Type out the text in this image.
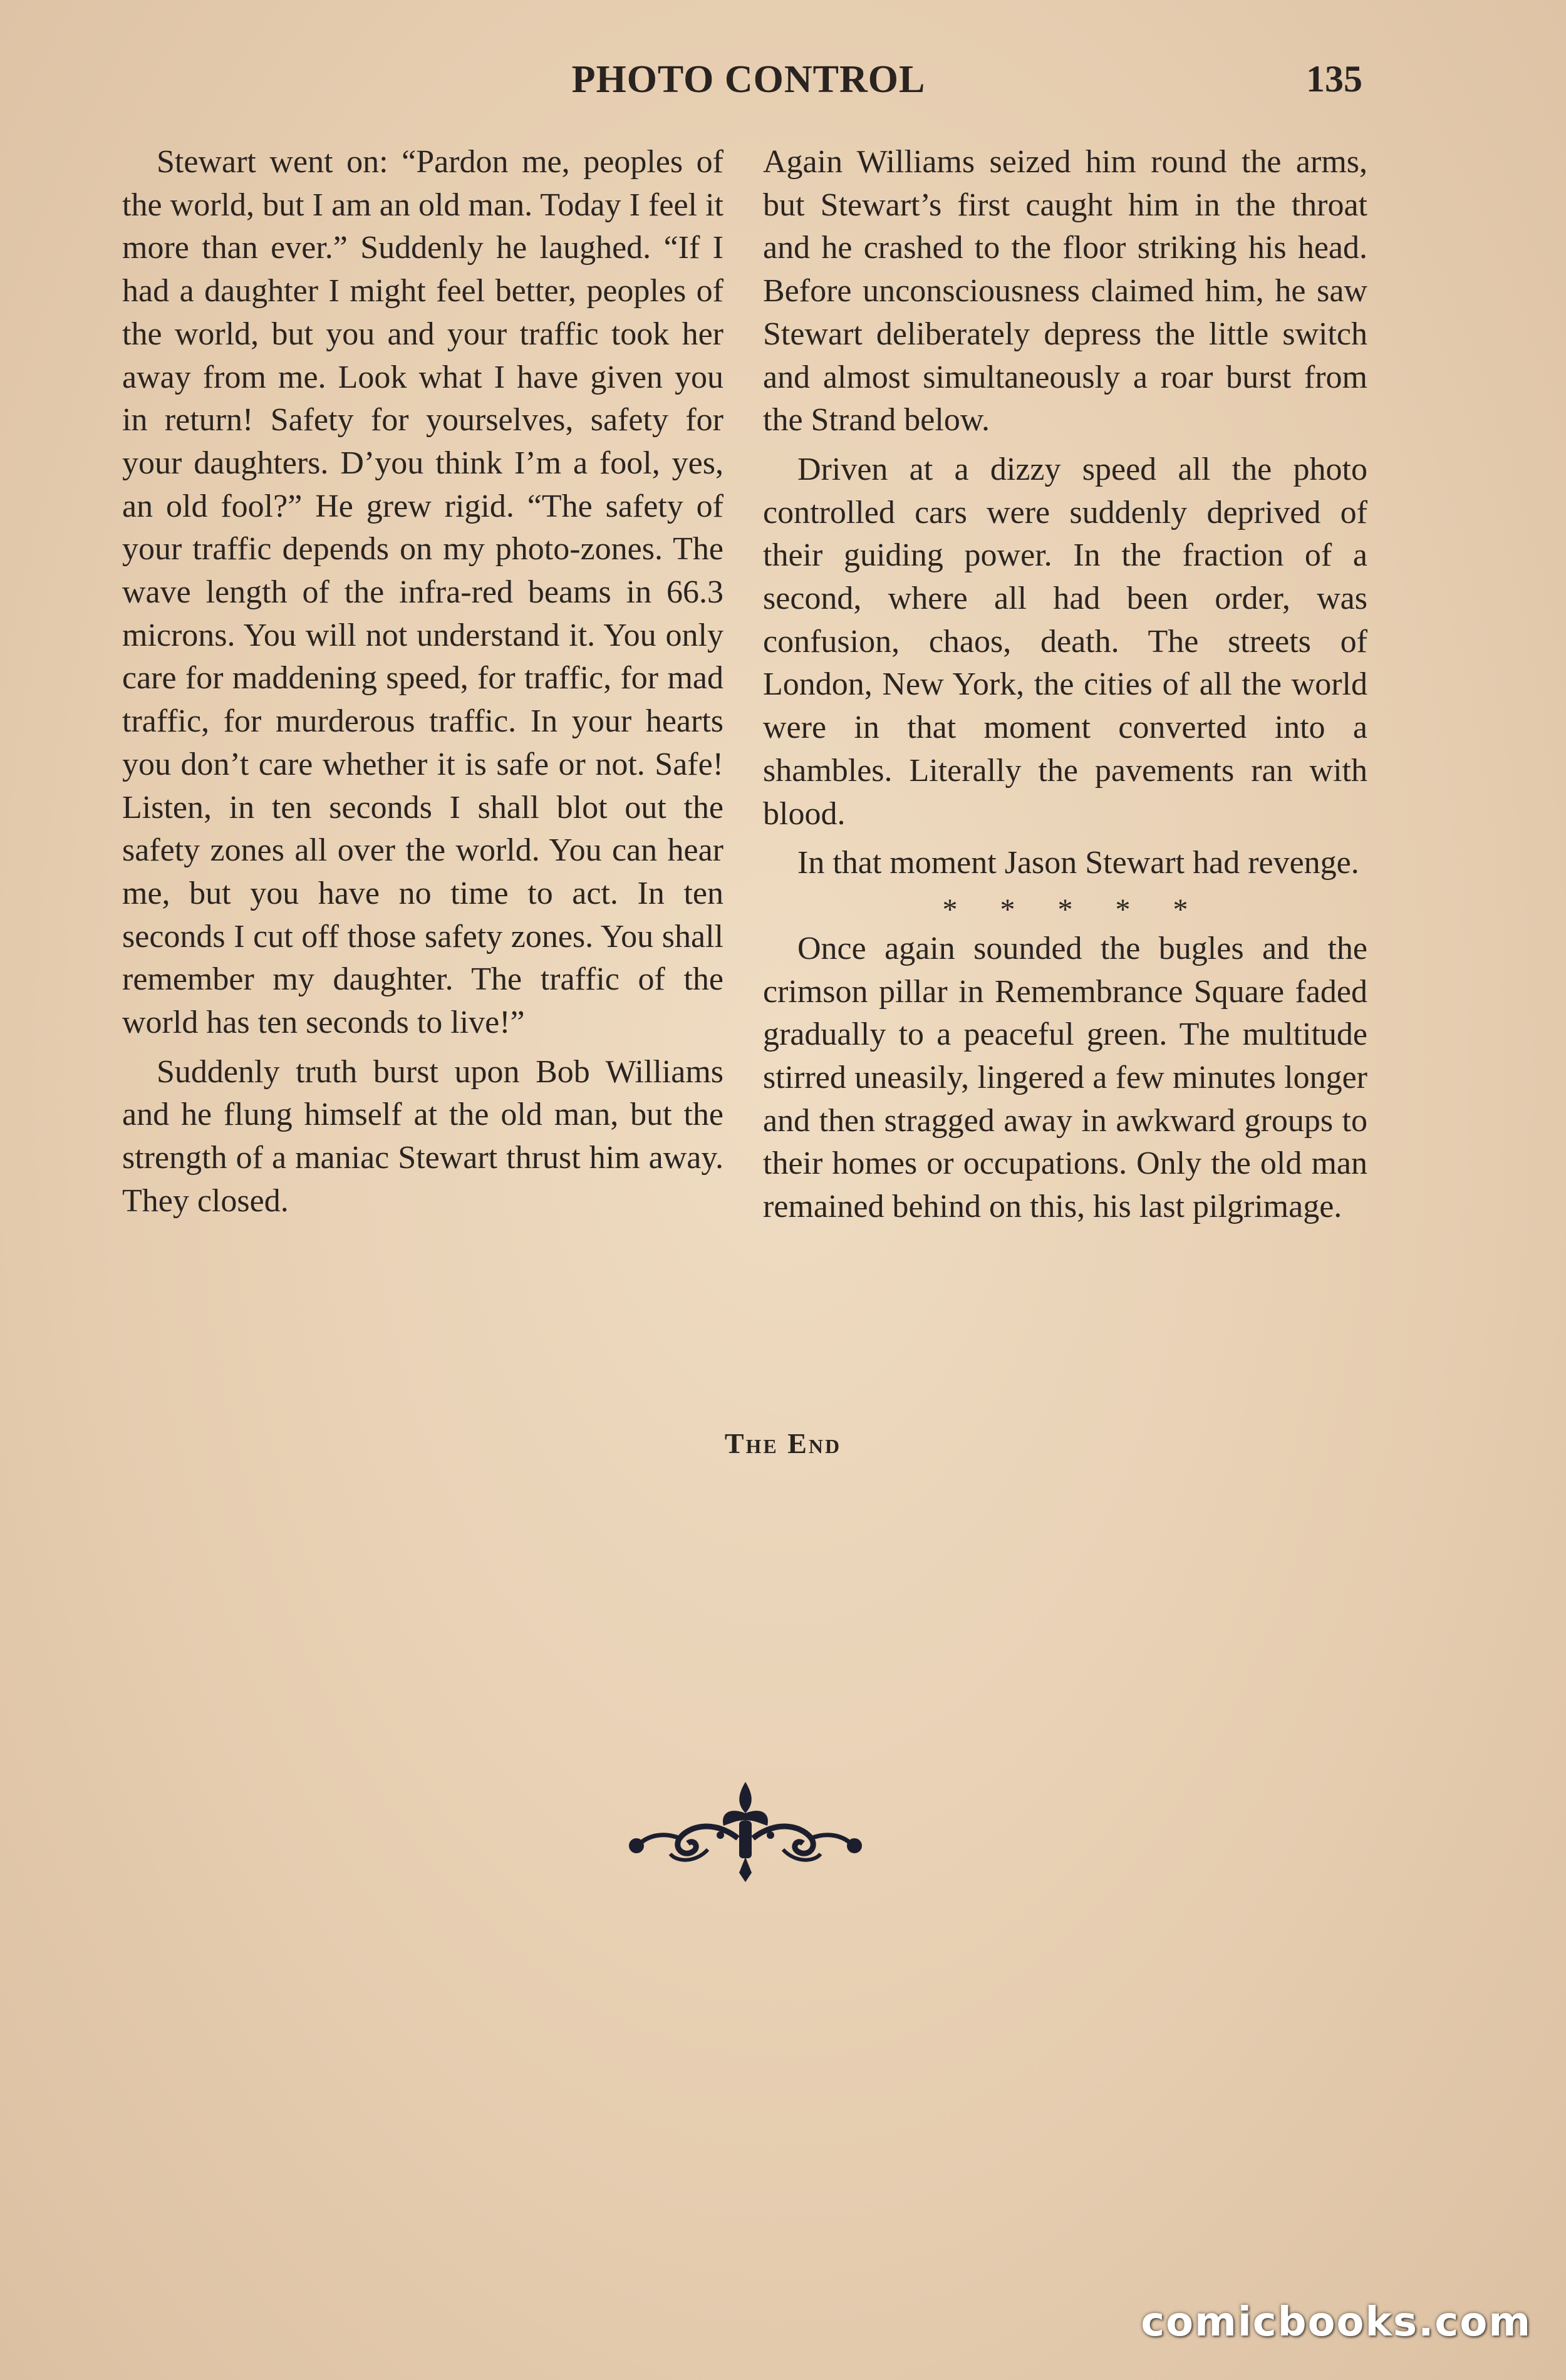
PHOTO CONTROL	135

Stewart went on: “Pardon me, peoples of the world, but I am an old man. Today I feel it more than ever.” Suddenly he laughed. “If I had a daughter I might feel better, peoples of the world, but you and your traffic took her away from me. Look what I have given you in return! Safety for yourselves, safety for your daughters. D’you think I’m a fool, yes, an old fool?” He grew rigid. “The safety of your traffic depends on my photo-zones. The wave length of the infra-red beams in 66.3 microns. You will not understand it. You only care for maddening speed, for traffic, for mad traffic, for murderous traffic. In your hearts you don’t care whether it is safe or not. Safe! Listen, in ten seconds I shall blot out the safety zones all over the world. You can hear me, but you have no time to act. In ten seconds I cut off those safety zones. You shall remember my daughter. The traffic of the world has ten seconds to live!”

Suddenly truth burst upon Bob Williams and he flung himself at the old man, but the strength of a maniac Stewart thrust him away. They closed.

Again Williams seized him round the arms, but Stewart’s first caught him in the throat and he crashed to the floor striking his head. Before unconsciousness claimed him, he saw Stewart deliberately depress the little switch and almost simultaneously a roar burst from the Strand below.

Driven at a dizzy speed all the photo controlled cars were suddenly deprived of their guiding power. In the fraction of a second, where all had been order, was confusion, chaos, death. The streets of London, New York, the cities of all the world were in that moment converted into a shambles. Literally the pavements ran with blood.

In that moment Jason Stewart had revenge.

* * * * *

Once again sounded the bugles and the crimson pillar in Remembrance Square faded gradually to a peaceful green. The multitude stirred uneasily, lingered a few minutes longer and then stragged away in awkward groups to their homes or occupations. Only the old man remained behind on this, his last pilgrimage.

The End
comicbooks.com
